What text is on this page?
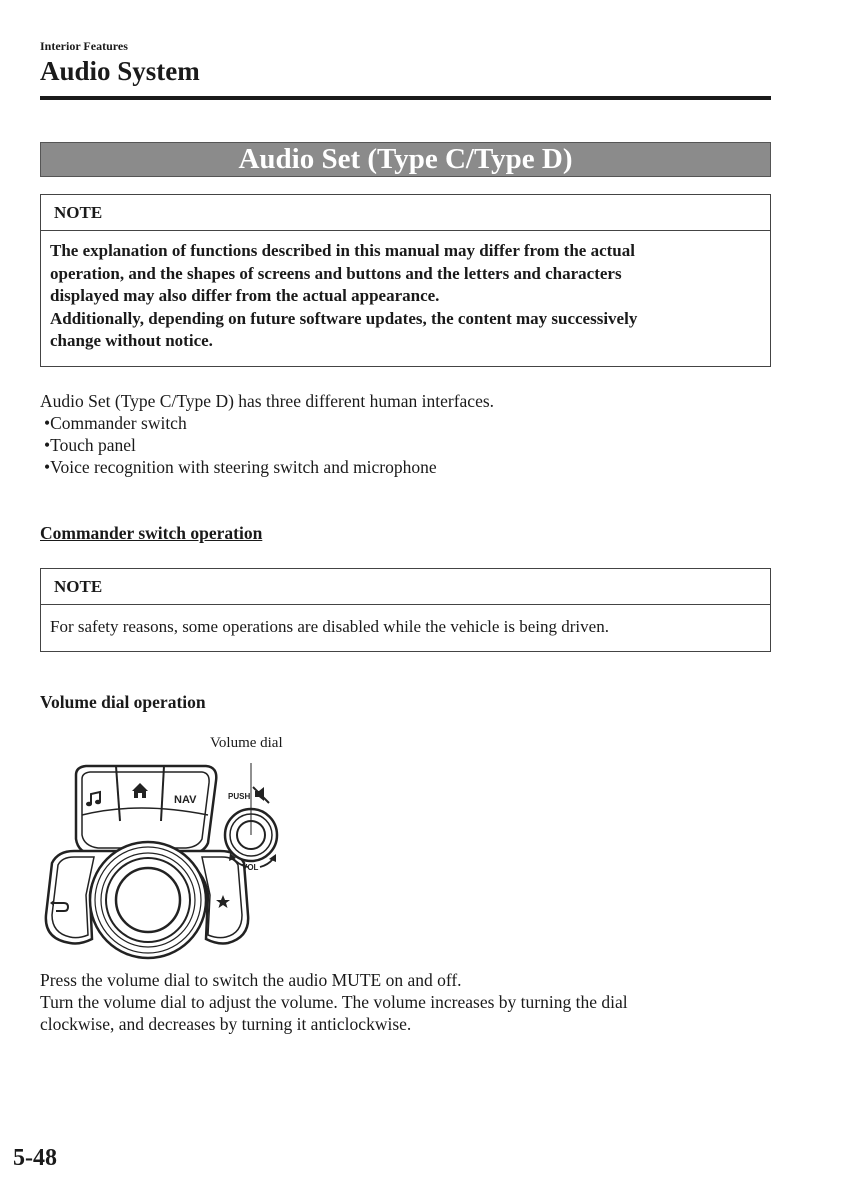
Interior Features
Audio System
Audio Set (Type C/Type D)
NOTE
The explanation of functions described in this manual may differ from the actual
operation, and the shapes of screens and buttons and the letters and characters
displayed may also differ from the actual appearance.
Additionally, depending on future software updates, the content may successively
change without notice.
Audio Set (Type C/Type D) has three different human interfaces.
•Commander switch
•Touch panel
•Voice recognition with steering switch and microphone
Commander switch operation
NOTE
For safety reasons, some operations are disabled while the vehicle is being driven.
Volume dial operation
Volume dial
NAV	PUSH
VOL
Press the volume dial to switch the audio MUTE on and off.
Turn the volume dial to adjust the volume. The volume increases by turning the dial
clockwise, and decreases by turning it anticlockwise.
5-48
